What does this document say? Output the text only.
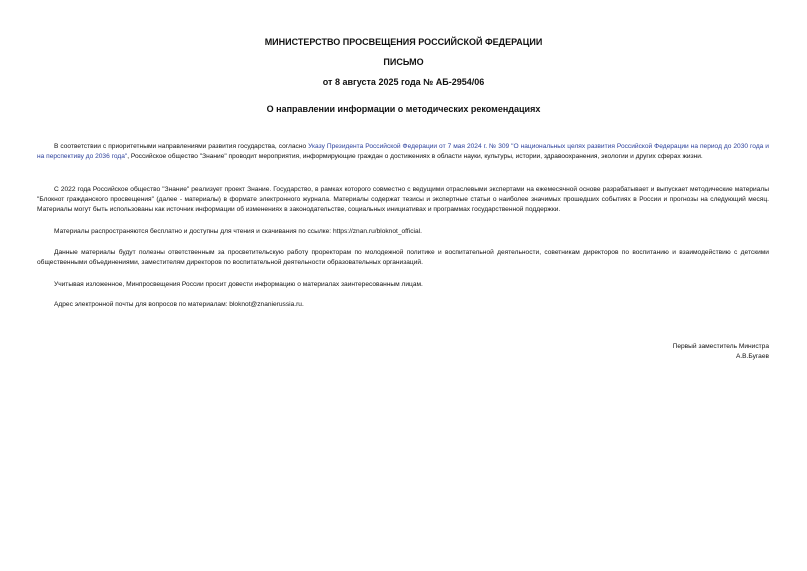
МИНИСТЕРСТВО ПРОСВЕЩЕНИЯ РОССИЙСКОЙ ФЕДЕРАЦИИ
ПИСЬМО
от 8 августа 2025 года № АБ-2954/06
О направлении информации о методических рекомендациях

В соответствии с приоритетными направлениями развития государства, согласно Указу Президента Российской Федерации от 7 мая 2024 г. № 309 "О национальных целях развития Российской Федерации на период до 2030 года и на перспективу до 2036 года", Российское общество "Знание" проводит мероприятия, информирующие граждан о достижениях в области науки, культуры, истории, здравоохранения, экологии и других сферах жизни.

С 2022 года Российское общество "Знание" реализует проект Знание. Государство, в рамках которого совместно с ведущими отраслевыми экспертами на ежемесячной основе разрабатывает и выпускает методические материалы "Блокнот гражданского просвещения" (далее - материалы) в формате электронного журнала. Материалы содержат тезисы и экспертные статьи о наиболее значимых прошедших событиях в России и прогнозы на следующий месяц. Материалы могут быть использованы как источник информации об изменениях в законодательстве, социальных инициативах и программах государственной поддержки.

Материалы распространяются бесплатно и доступны для чтения и скачивания по ссылке: https://znan.ru/bloknot_official.

Данные материалы будут полезны ответственным за просветительскую работу проректорам по молодежной политике и воспитательной деятельности, советникам директоров по воспитанию и взаимодействию с детскими общественными объединениями, заместителям директоров по воспитательной деятельности образовательных организаций.

Учитывая изложенное, Минпросвещения России просит довести информацию о материалах заинтересованным лицам.

Адрес электронной почты для вопросов по материалам: bloknot@znanierussia.ru.

Первый заместитель Министра
А.В.Бугаев
